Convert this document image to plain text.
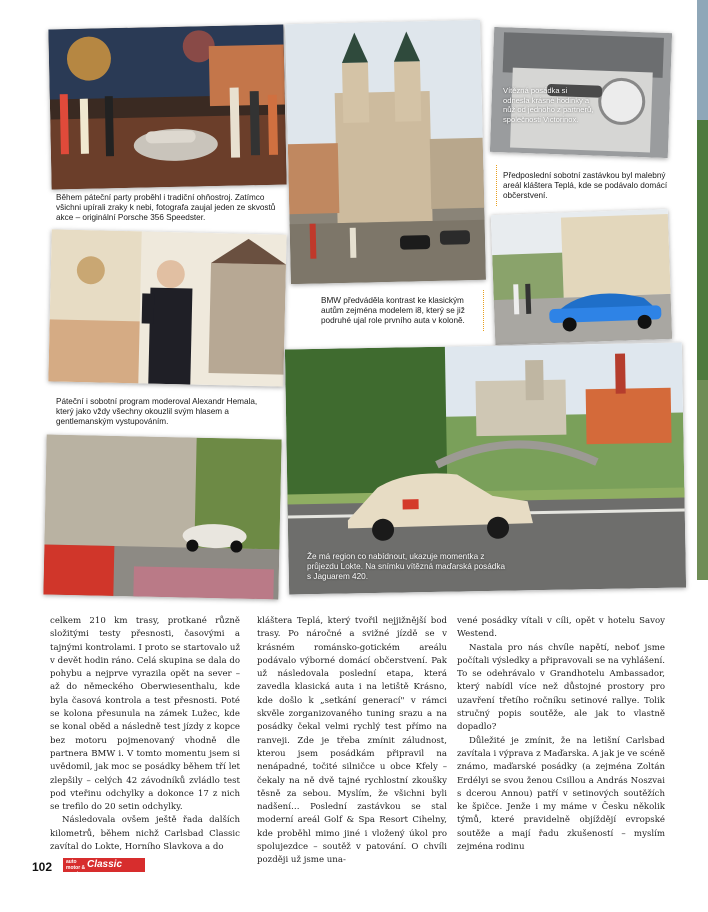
Během páteční party proběhl i tradiční ohňostroj. Zatímco všichni upírali zraky k nebi, fotografa zaujal jeden ze skvostů akce – originální Porsche 356 Speedster.
Vítězná posádka si odnesla krásné hodinky a nůž od jednoho z partnerů, společnosti Victorinox.
Předposlední sobotní zastávkou byl malebný areál kláštera Teplá, kde se podávalo domácí občerstvení.
BMW předváděla kontrast ke klasickým autům zejména modelem i8, který se již podruhé ujal role prvního auta v koloně.
Páteční i sobotní program moderoval Alexandr Hemala, který jako vždy všechny okouzlil svým hlasem a gentlemanským vystupováním.
Že má region co nabídnout, ukazuje momentka z průjezdu Lokte. Na snímku vítězná maďarská posádka s Jaguarem 420.

celkem 210 km trasy, protkané různě složitými testy přesnosti, časovými a tajnými kontrolami. I proto se startovalo už v devět hodin ráno. Celá skupina se dala do pohybu a nejprve vyrazila opět na sever – až do německého Oberwiesenthalu, kde byla časová kontrola a test přesnosti. Poté se kolona přesunula na zámek Lužec, kde se konal oběd a následně test jízdy z kopce bez motoru pojmenovaný vhodně dle partnera BMW i. V tomto momentu jsem si uvědomil, jak moc se posádky během tří let zlepšily – celých 42 závodníků zvládlo test pod vteřinu odchylky a dokonce 17 z nich se trefilo do 20 setin odchylky.

Následovala ovšem ještě řada dalších kilometrů, během nichž Carlsbad Classic zavítal do Lokte, Horního Slavkova a do

kláštera Teplá, který tvořil nejjižnější bod trasy. Po náročné a svižné jízdě se v krásném románsko-gotickém areálu podávalo výborné domácí občerstvení. Pak už následovala poslední etapa, která zavedla klasická auta i na letiště Krásno, kde došlo k „setkání generací" v rámci skvěle zorganizovaného tuning srazu a na posádky čekal velmi rychlý test přímo na ranveji. Zde je třeba zmínit záludnost, kterou jsem posádkám připravil na nenápadné, točité silničce u obce Kfely – čekaly na ně dvě tajné rychlostní zkoušky těsně za sebou. Myslím, že všichni byli nadšení… Poslední zastávkou se stal moderní areál Golf & Spa Resort Cihelny, kde proběhl mimo jiné i vložený úkol pro spolujezdce – soutěž v patování. O chvíli později už jsme una-

vené posádky vítali v cíli, opět v hotelu Savoy Westend.

Nastala pro nás chvíle napětí, neboť jsme počítali výsledky a připravovali se na vyhlášení. To se odehrávalo v Grandhotelu Ambassador, který nabídl více než důstojné prostory pro uzavření třetího ročníku setinové rallye. Tolik stručný popis soutěže, ale jak to vlastně dopadlo?

Důležité je zmínit, že na letišní Carlsbad zavítala i výprava z Maďarska. A jak je ve scéně známo, maďarské posádky (a zejména Zoltán Erdélyi se svou ženou Csillou a András Noszvai s dcerou Annou) patří v setinových soutěžích ke špičce. Jenže i my máme v Česku několik týmů, které pravidelně objíždějí evropské soutěže a mají řadu zkušeností – myslím zejména rodinu

102	auto motor & sport
Classic
